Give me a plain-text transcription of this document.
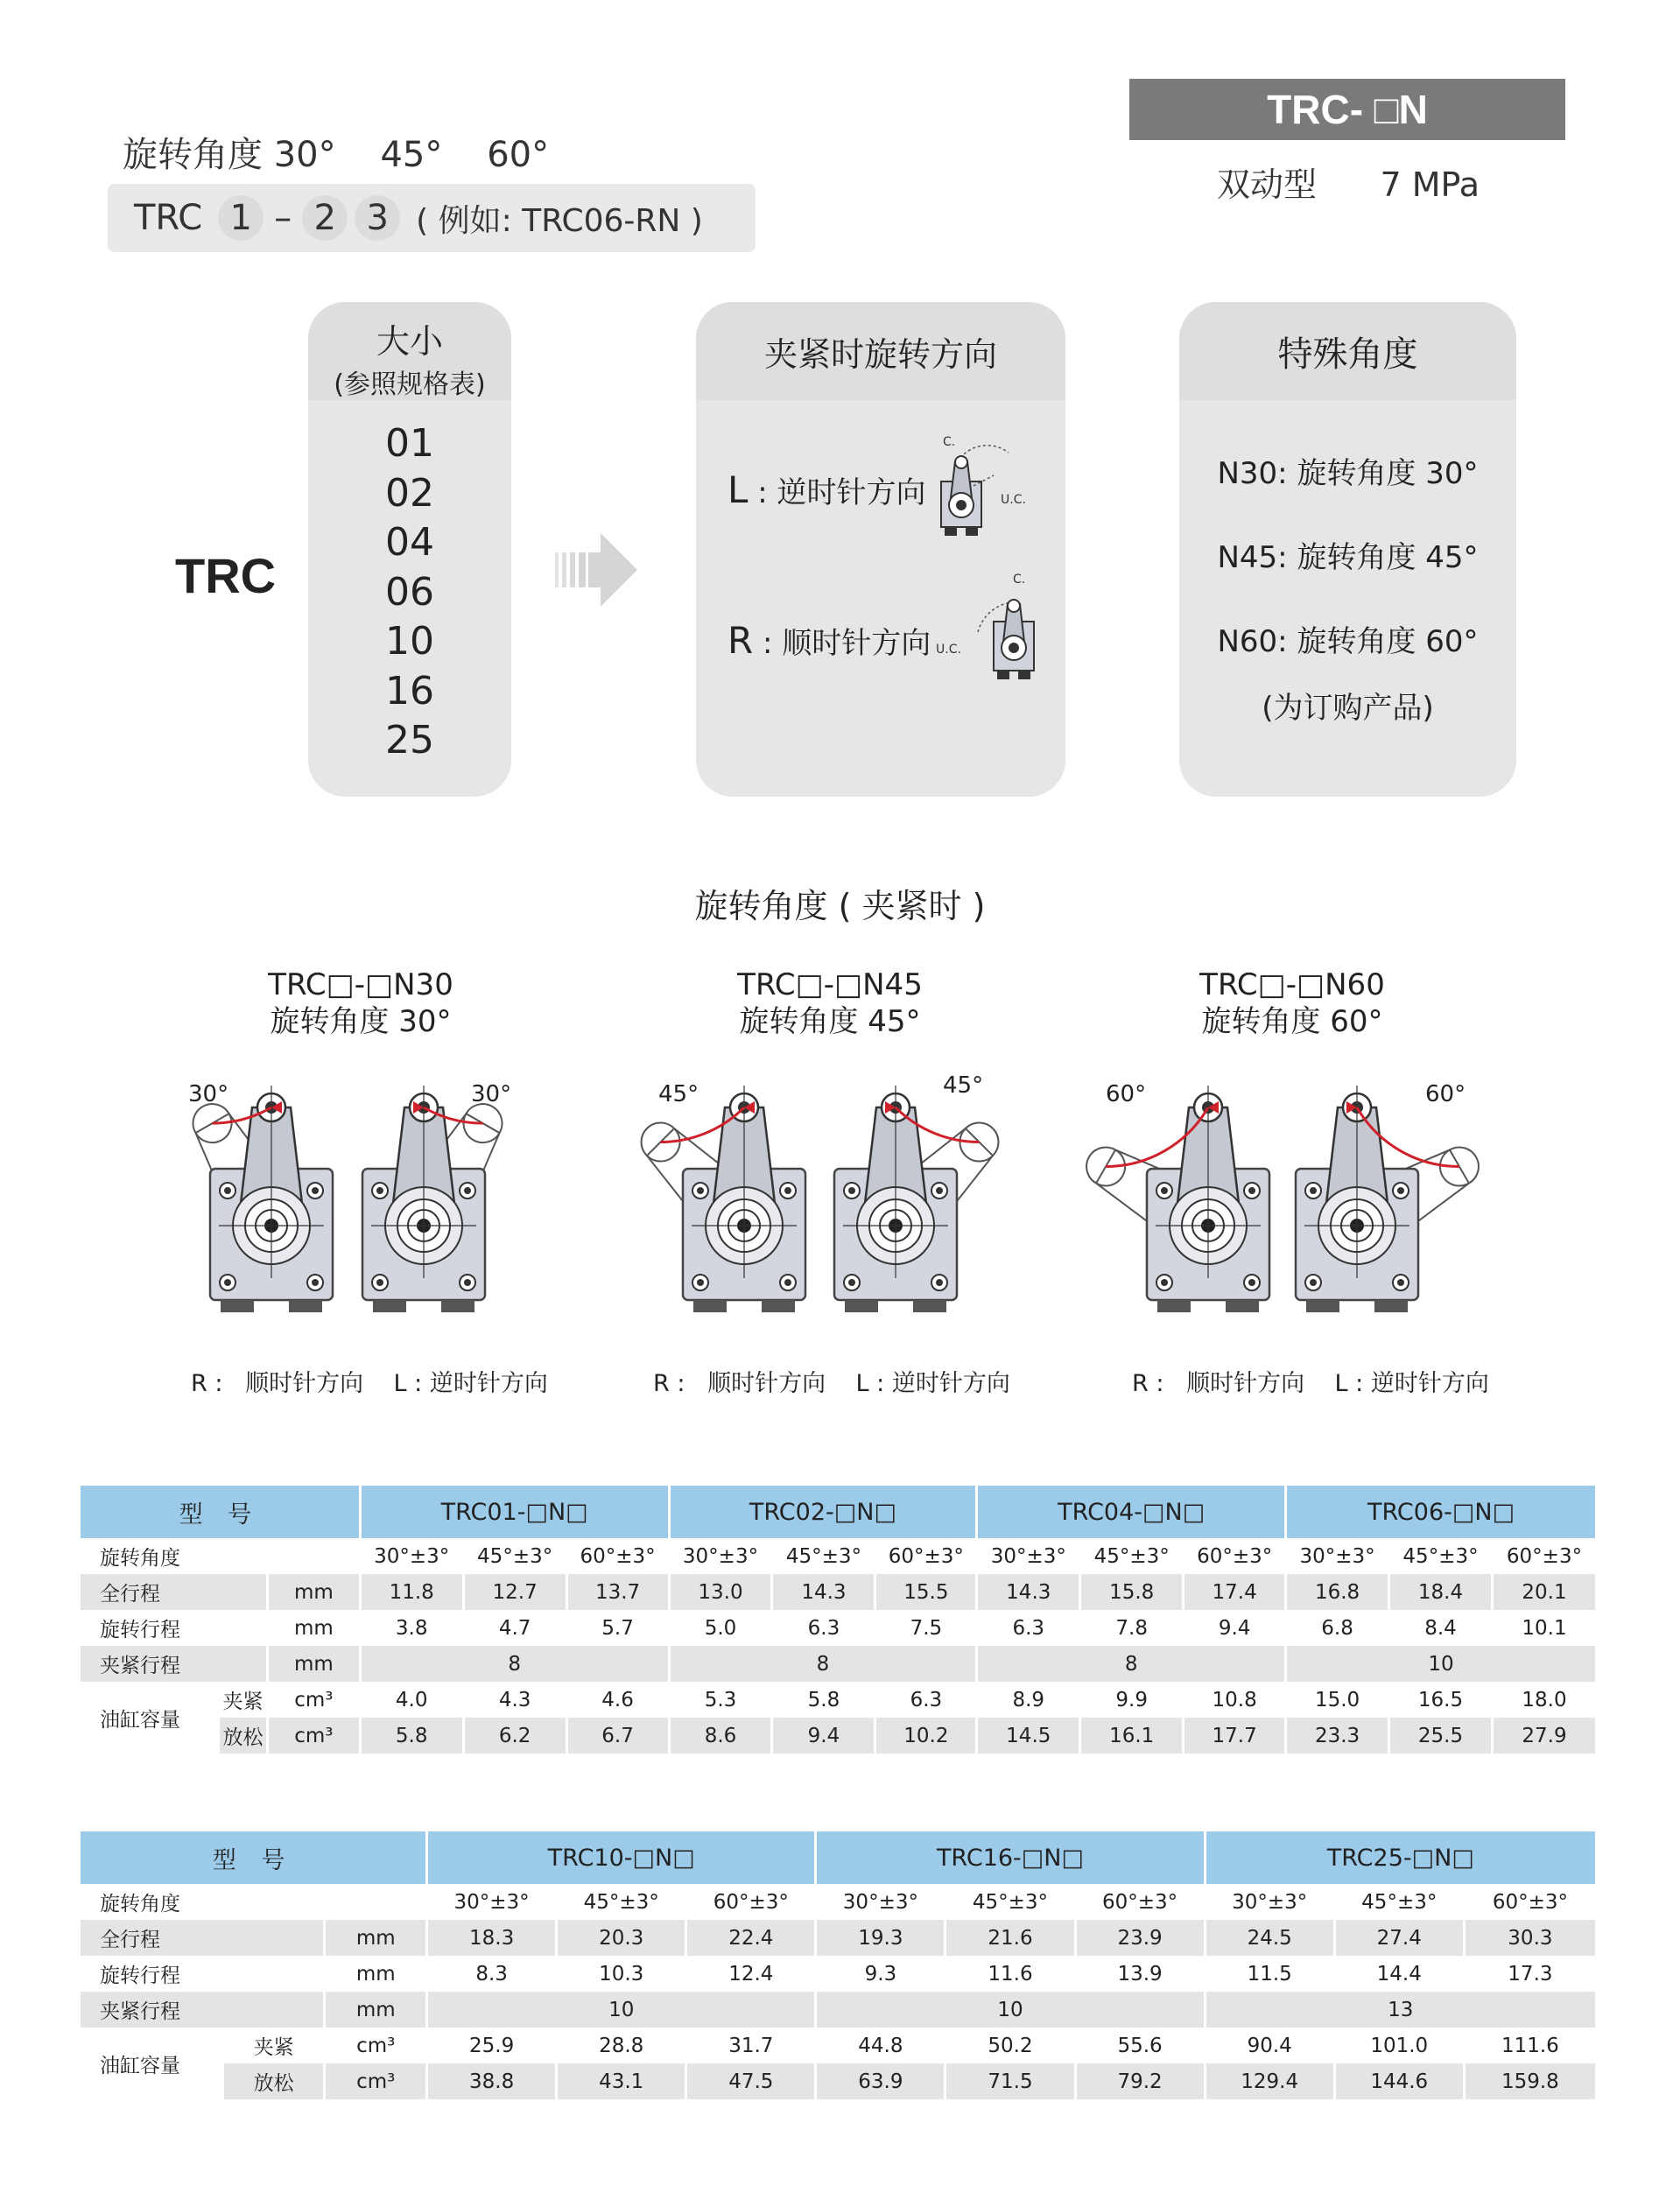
TRC- □N
双动型 7 MPa
旋转角度 30°    45°    60°
TRC 1 – 2 3 ( 例如: TRC06-RN )
TRC
大小
(参照规格表)
01
02
04
06
10
16
25
夹紧时旋转方向
L : 逆时针方向
R : 顺时针方向
C.
U.C.
C.
U.C.
特殊角度
N30: 旋转角度 30°
N45: 旋转角度 45°
N60: 旋转角度 60°
(为订购产品)
旋转角度 ( 夹紧时 )
TRC□-□N30
旋转角度 30°
TRC□-□N45
旋转角度 45°
TRC□-□N60
旋转角度 60°
30°	30°	45°	45°	60°	60°
R :   顺时针方向    L : 逆时针方向	R :   顺时针方向    L : 逆时针方向	R :   顺时针方向    L : 逆时针方向
型 号			TRC01-□N□			TRC02-□N□			TRC04-□N□			TRC06-□N□		
旋转角度			30°±3°	45°±3°	60°±3°	30°±3°	45°±3°	60°±3°	30°±3°	45°±3°	60°±3°	30°±3°	45°±3°	60°±3°
全行程		mm	11.8	12.7	13.7	13.0	14.3	15.5	14.3	15.8	17.4	16.8	18.4	20.1
旋转行程		mm	3.8	4.7	5.7	5.0	6.3	7.5	6.3	7.8	9.4	6.8	8.4	10.1
夹紧行程		mm	8			8			8			10		
油缸容量	夹紧	cm³	4.0	4.3	4.6	5.3	5.8	6.3	8.9	9.9	10.8	15.0	16.5	18.0
	放松	cm³	5.8	6.2	6.7	8.6	9.4	10.2	14.5	16.1	17.7	23.3	25.5	27.9
型 号			TRC10-□N□			TRC16-□N□			TRC25-□N□		
旋转角度			30°±3°	45°±3°	60°±3°	30°±3°	45°±3°	60°±3°	30°±3°	45°±3°	60°±3°
全行程		mm	18.3	20.3	22.4	19.3	21.6	23.9	24.5	27.4	30.3
旋转行程		mm	8.3	10.3	12.4	9.3	11.6	13.9	11.5	14.4	17.3
夹紧行程		mm	10			10			13		
油缸容量	夹紧	cm³	25.9	28.8	31.7	44.8	50.2	55.6	90.4	101.0	111.6
	放松	cm³	38.8	43.1	47.5	63.9	71.5	79.2	129.4	144.6	159.8
